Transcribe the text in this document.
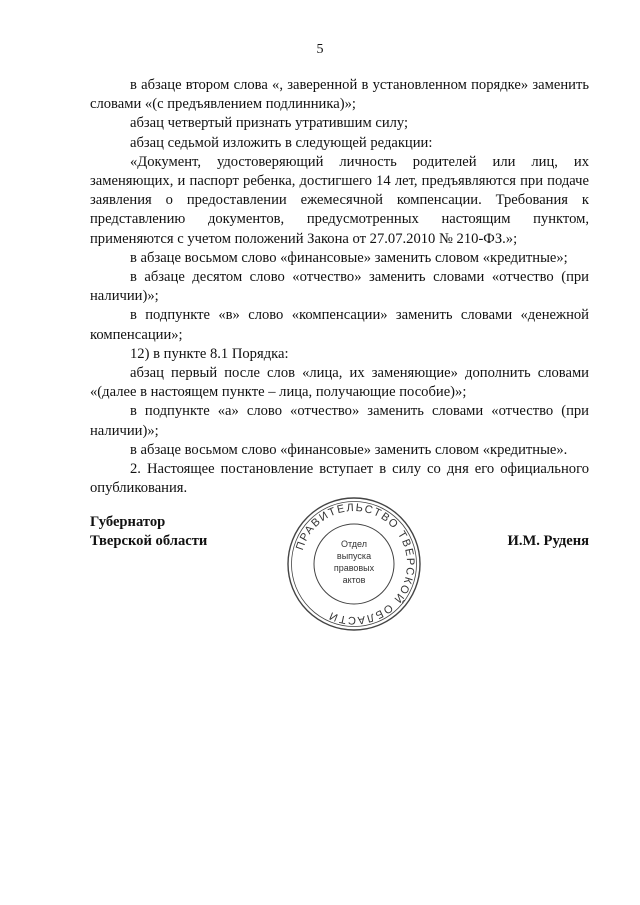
5

в абзаце втором слова «, заверенной в установленном порядке» заменить словами «(с предъявлением подлинника)»;

абзац четвертый признать утратившим силу;

абзац седьмой изложить в следующей редакции:

«Документ, удостоверяющий личность родителей или лиц, их заменяющих, и паспорт ребенка, достигшего 14 лет, предъявляются при подаче заявления о предоставлении ежемесячной компенсации. Требования к представлению документов, предусмотренных настоящим пунктом, применяются с учетом положений Закона от 27.07.2010 № 210-ФЗ.»;

в абзаце восьмом слово «финансовые» заменить словом «кредитные»;

в абзаце десятом слово «отчество» заменить словами «отчество (при наличии)»;

в подпункте «в» слово «компенсации» заменить словами «денежной компенсации»;

12) в пункте 8.1 Порядка:

абзац первый после слов «лица, их заменяющие» дополнить словами «(далее в настоящем пункте – лица, получающие пособие)»;

в подпункте «а» слово «отчество» заменить словами «отчество (при наличии)»;

в абзаце восьмом слово «финансовые» заменить словом «кредитные».

2. Настоящее постановление вступает в силу со дня его официального опубликования.

Губернатор
Тверской области	И.М. Руденя
ПРАВИТЕЛЬСТВО ТВЕРСКОЙ ОБЛАСТИ
Отдел
выпуска
правовых
актов
